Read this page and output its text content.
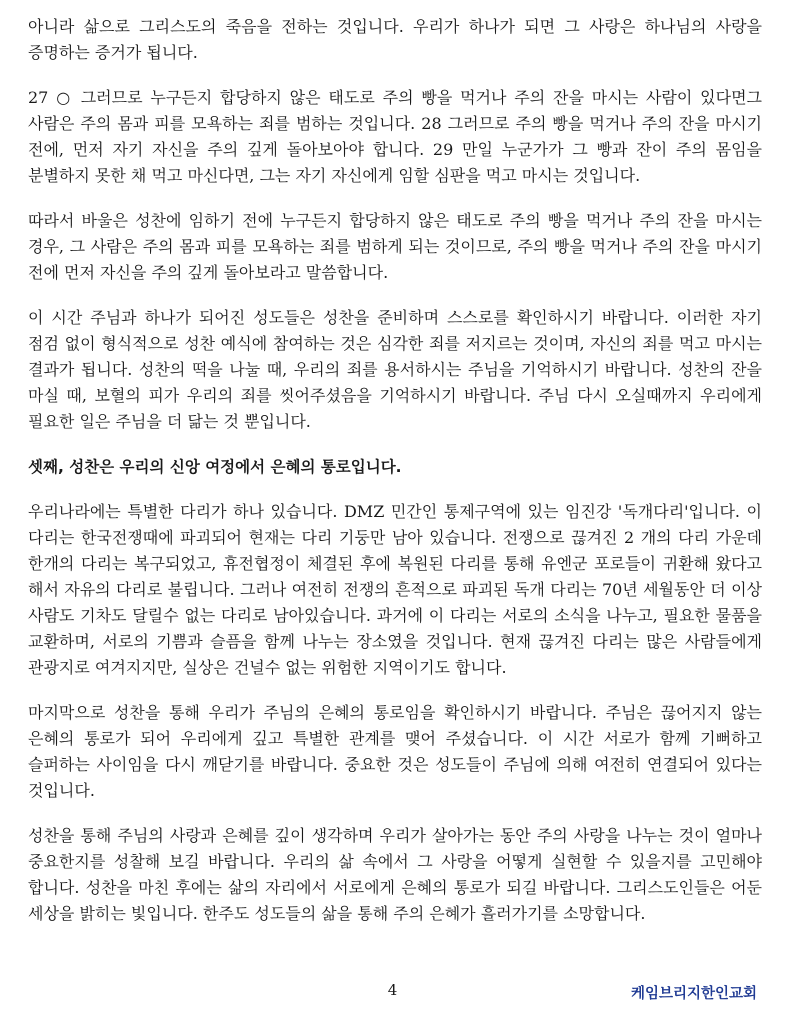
아니라 삶으로 그리스도의 죽음을 전하는 것입니다. 우리가 하나가 되면 그 사랑은 하나님의 사랑을 증명하는 증거가 됩니다.

27 ○ 그러므로 누구든지 합당하지 않은 태도로 주의 빵을 먹거나 주의 잔을 마시는 사람이 있다면그 사람은 주의 몸과 피를 모욕하는 죄를 범하는 것입니다. 28 그러므로 주의 빵을 먹거나 주의 잔을 마시기 전에, 먼저 자기 자신을 주의 깊게 돌아보아야 합니다. 29 만일 누군가가 그 빵과 잔이 주의 몸임을 분별하지 못한 채 먹고 마신다면, 그는 자기 자신에게 임할 심판을 먹고 마시는 것입니다.

따라서 바울은 성찬에 임하기 전에 누구든지 합당하지 않은 태도로 주의 빵을 먹거나 주의 잔을 마시는 경우, 그 사람은 주의 몸과 피를 모욕하는 죄를 범하게 되는 것이므로, 주의 빵을 먹거나 주의 잔을 마시기 전에 먼저 자신을 주의 깊게 돌아보라고 말씀합니다.

이 시간 주님과 하나가 되어진 성도들은 성찬을 준비하며 스스로를 확인하시기 바랍니다. 이러한 자기 점검 없이 형식적으로 성찬 예식에 참여하는 것은 심각한 죄를 저지르는 것이며, 자신의 죄를 먹고 마시는 결과가 됩니다. 성찬의 떡을 나눌 때, 우리의 죄를 용서하시는 주님을 기억하시기 바랍니다. 성찬의 잔을 마실 때, 보혈의 피가 우리의 죄를 씻어주셨음을 기억하시기 바랍니다. 주님 다시 오실때까지 우리에게 필요한 일은 주님을 더 닮는 것 뿐입니다.

셋째, 성찬은 우리의 신앙 여정에서 은혜의 통로입니다.

우리나라에는 특별한 다리가 하나 있습니다. DMZ 민간인 통제구역에 있는 임진강 '독개다리'입니다. 이 다리는 한국전쟁때에 파괴되어 현재는 다리 기둥만 남아 있습니다. 전쟁으로 끊겨진 2 개의 다리 가운데 한개의 다리는 복구되었고, 휴전협정이 체결된 후에 복원된 다리를 통해 유엔군 포로들이 귀환해 왔다고 해서 자유의 다리로 불립니다. 그러나 여전히 전쟁의 흔적으로 파괴된 독개 다리는 70년 세월동안 더 이상 사람도 기차도 달릴수 없는 다리로 남아있습니다. 과거에 이 다리는 서로의 소식을 나누고, 필요한 물품을 교환하며, 서로의 기쁨과 슬픔을 함께 나누는 장소였을 것입니다. 현재 끊겨진 다리는 많은 사람들에게 관광지로 여겨지지만, 실상은 건널수 없는 위험한 지역이기도 합니다.

마지막으로 성찬을 통해 우리가 주님의 은혜의 통로임을 확인하시기 바랍니다. 주님은 끊어지지 않는 은혜의 통로가 되어 우리에게 깊고 특별한 관계를 맺어 주셨습니다. 이 시간 서로가 함께 기뻐하고 슬퍼하는 사이임을 다시 깨닫기를 바랍니다. 중요한 것은 성도들이 주님에 의해 여전히 연결되어 있다는 것입니다.

성찬을 통해 주님의 사랑과 은혜를 깊이 생각하며 우리가 살아가는 동안 주의 사랑을 나누는 것이 얼마나 중요한지를 성찰해 보길 바랍니다. 우리의 삶 속에서 그 사랑을 어떻게 실현할 수 있을지를 고민해야 합니다. 성찬을 마친 후에는 삶의 자리에서 서로에게 은혜의 통로가 되길 바랍니다. 그리스도인들은 어둔 세상을 밝히는 빛입니다. 한주도 성도들의 삶을 통해 주의 은혜가 흘러가기를 소망합니다.

4	케임브리지한인교회
